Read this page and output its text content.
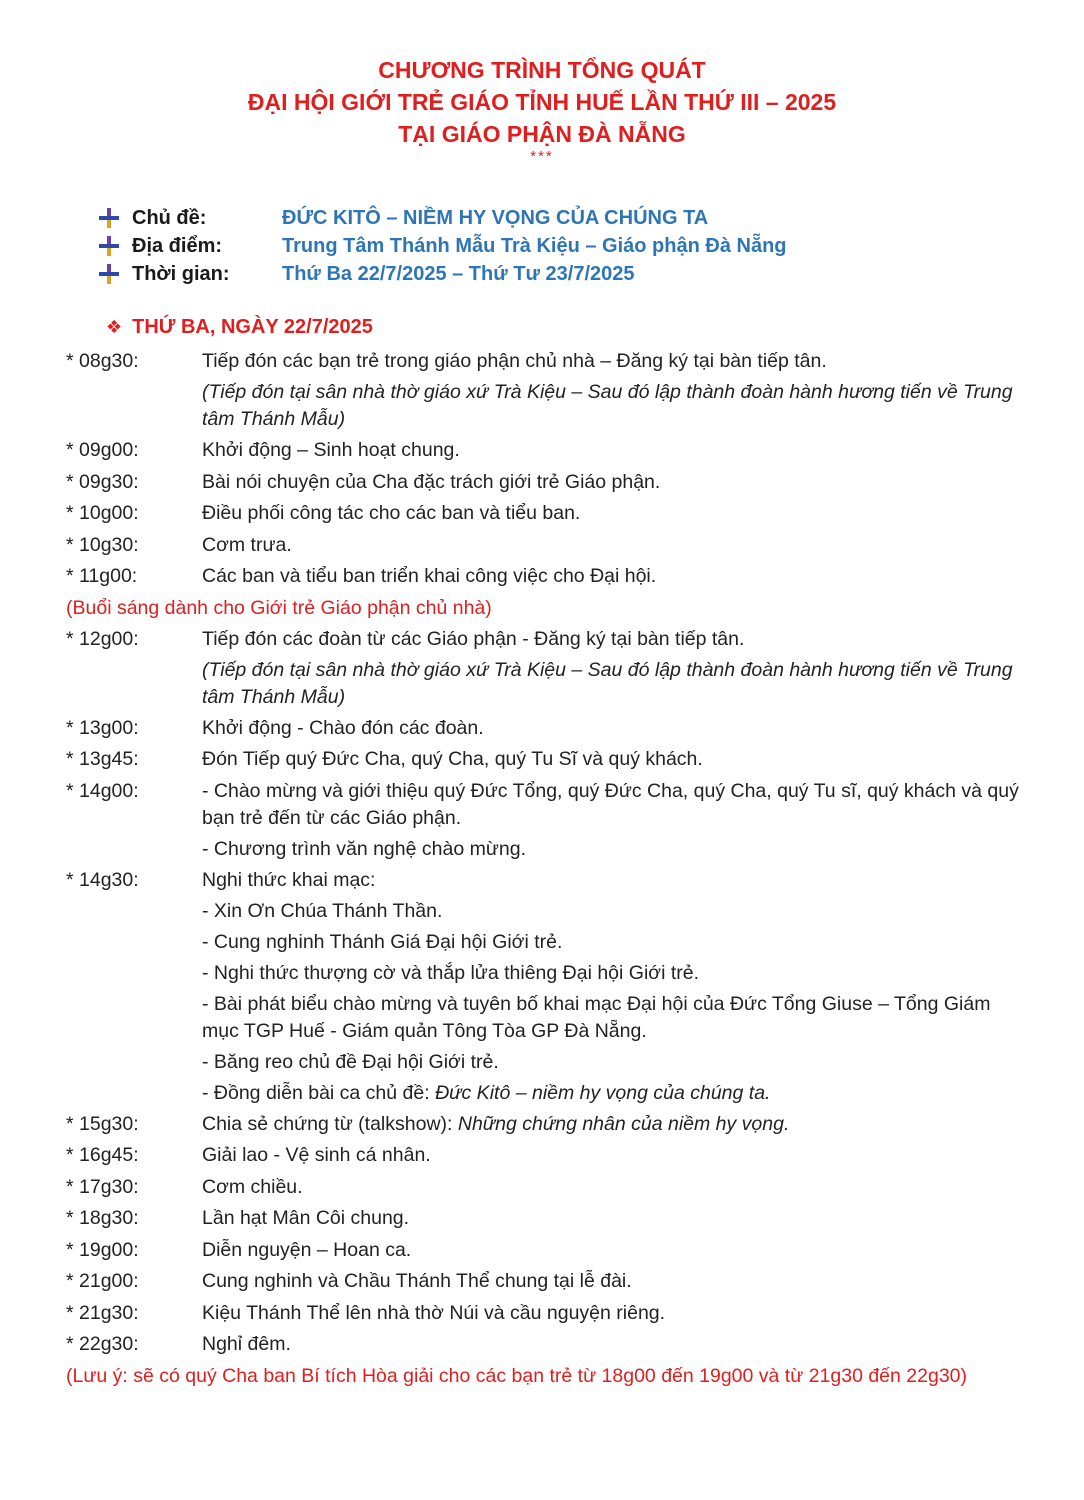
CHƯƠNG TRÌNH TỔNG QUÁT
ĐẠI HỘI GIỚI TRẺ GIÁO TỈNH HUẾ LẦN THỨ III – 2025
TẠI GIÁO PHẬN ĐÀ NẴNG
***
Chủ đề:	ĐỨC KITÔ – NIỀM HY VỌNG CỦA CHÚNG TA
Địa điểm:	Trung Tâm Thánh Mẫu Trà Kiệu – Giáo phận Đà Nẵng
Thời gian:	Thứ Ba 22/7/2025 – Thứ Tư 23/7/2025
❖ THỨ BA, NGÀY 22/7/2025
* 08g30:	Tiếp đón các bạn trẻ trong giáo phận chủ nhà – Đăng ký tại bàn tiếp tân.
(Tiếp đón tại sân nhà thờ giáo xứ Trà Kiệu – Sau đó lập thành đoàn hành hương tiến về Trung tâm Thánh Mẫu)
* 09g00:	Khởi động – Sinh hoạt chung.
* 09g30:	Bài nói chuyện của Cha đặc trách giới trẻ Giáo phận.
* 10g00:	Điều phối công tác cho các ban và tiểu ban.
* 10g30:	Cơm trưa.
* 11g00:	Các ban và tiểu ban triển khai công việc cho Đại hội.
(Buổi sáng dành cho Giới trẻ Giáo phận chủ nhà)
* 12g00:	Tiếp đón các đoàn từ các Giáo phận - Đăng ký tại bàn tiếp tân.
(Tiếp đón tại sân nhà thờ giáo xứ Trà Kiệu – Sau đó lập thành đoàn hành hương tiến về Trung tâm Thánh Mẫu)
* 13g00:	Khởi động - Chào đón các đoàn.
* 13g45:	Đón Tiếp quý Đức Cha, quý Cha, quý Tu Sĩ và quý khách.
* 14g00:	- Chào mừng và giới thiệu quý Đức Tổng, quý Đức Cha, quý Cha, quý Tu sĩ, quý khách và quý bạn trẻ đến từ các Giáo phận.
- Chương trình văn nghệ chào mừng.
* 14g30:	Nghi thức khai mạc:
- Xin Ơn Chúa Thánh Thần.
- Cung nghinh Thánh Giá Đại hội Giới trẻ.
- Nghi thức thượng cờ và thắp lửa thiêng Đại hội Giới trẻ.
- Bài phát biểu chào mừng và tuyên bố khai mạc Đại hội của Đức Tổng Giuse – Tổng Giám mục TGP Huế - Giám quản Tông Tòa GP Đà Nẵng.
- Băng reo chủ đề Đại hội Giới trẻ.
- Đồng diễn bài ca chủ đề: Đức Kitô – niềm hy vọng của chúng ta.
* 15g30:	Chia sẻ chứng từ (talkshow): Những chứng nhân của niềm hy vọng.
* 16g45:	Giải lao - Vệ sinh cá nhân.
* 17g30:	Cơm chiều.
* 18g30:	Lần hạt Mân Côi chung.
* 19g00:	Diễn nguyện – Hoan ca.
* 21g00:	Cung nghinh và Chầu Thánh Thể chung tại lễ đài.
* 21g30:	Kiệu Thánh Thể lên nhà thờ Núi và cầu nguyện riêng.
* 22g30:	Nghỉ đêm.
(Lưu ý: sẽ có quý Cha ban Bí tích Hòa giải cho các bạn trẻ từ 18g00 đến 19g00 và từ 21g30 đến 22g30)
